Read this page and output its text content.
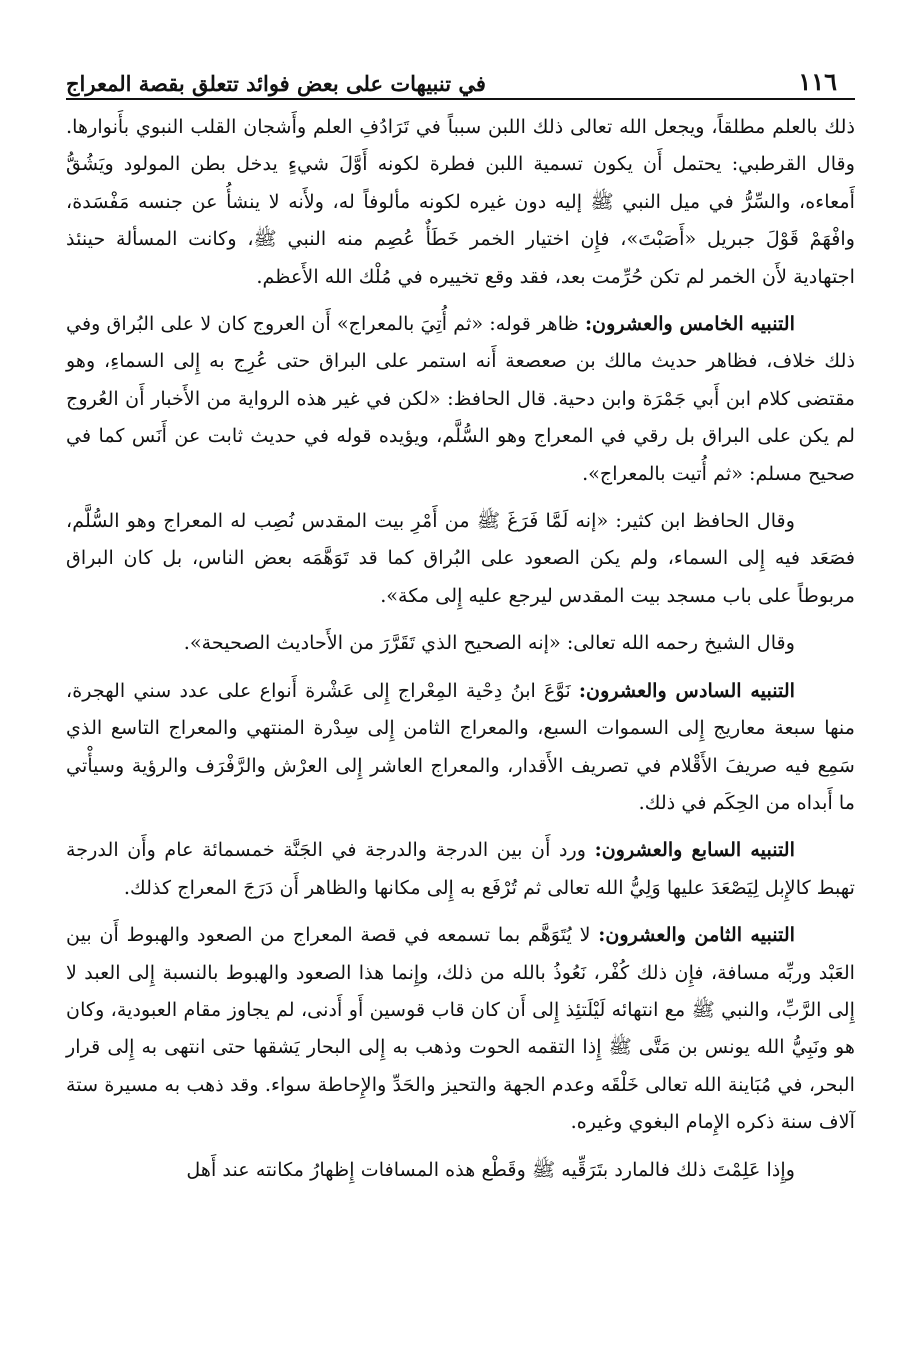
١١٦
في تنبيهات على بعض فوائد تتعلق بقصة المعراج

ذلك بالعلم مطلقاً، ويجعل الله تعالى ذلك اللبن سبباً في تَرَادُفِ العلم وأَشجان القلب النبوي بأَنوارها. وقال القرطبي: يحتمل أَن يكون تسمية اللبن فطرة لكونه أَوَّلَ شيءٍ يدخل بطن المولود ويَشُقُّ أَمعاءه، والسِّرُّ في ميل النبي ﷺ إليه دون غيره لكونه مألوفاً له، ولأَنه لا ينشأُ عن جنسه مَفْسَدة، وافْهَمْ قَوْلَ جبريل «أَصَبْتَ»، فإِن اختيار الخمر خَطَأٌ عُصِم منه النبي ﷺ، وكانت المسألة حينئذ اجتهادية لأَن الخمر لم تكن حُرِّمت بعد، فقد وقع تخييره في مُلْك الله الأَعظم.

التنبيه الخامس والعشرون: ظاهر قوله: «ثم أُتِيَ بالمعراج» أَن العروج كان لا على البُراق وفي ذلك خلاف، فظاهر حديث مالك بن صعصعة أَنه استمر على البراق حتى عُرِج به إِلى السماءِ، وهو مقتضى كلام ابن أَبي جَمْرَة وابن دحية. قال الحافظ: «لكن في غير هذه الرواية من الأَخبار أَن العُروج لم يكن على البراق بل رقي في المعراج وهو السُّلَّم، ويؤيده قوله في حديث ثابت عن أَنَس كما في صحيح مسلم: «ثم أُتيت بالمعراج».

وقال الحافظ ابن كثير: «إنه لَمَّا فَرَغَ ﷺ من أَمْرِ بيت المقدس نُصِب له المعراج وهو السُّلَّم، فصَعَد فيه إِلى السماء، ولم يكن الصعود على البُراق كما قد تَوَهَّمَه بعض الناس، بل كان البراق مربوطاً على باب مسجد بيت المقدس ليرجع عليه إِلى مكة».

وقال الشيخ رحمه الله تعالى: «إنه الصحيح الذي تَقَرَّرَ من الأَحاديث الصحيحة».

التنبيه السادس والعشرون: نَوَّعَ ابنُ دِحْية المِعْراج إِلى عَشْرة أَنواع على عدد سني الهجرة، منها سبعة معاريج إِلى السموات السبع، والمعراج الثامن إِلى سِدْرة المنتهي والمعراج التاسع الذي سَمِع فيه صريفَ الأَقْلام في تصريف الأَقدار، والمعراج العاشر إِلى العرْش والرَّفْرَف والرؤية وسيأْتي ما أَبداه من الحِكَم في ذلك.

التنبيه السابع والعشرون: ورد أَن بين الدرجة والدرجة في الجَنَّة خمسمائة عام وأَن الدرجة تهبط كالإِبل لِيَصْعَدَ عليها وَلِيُّ الله تعالى ثم تُرْفَع به إِلى مكانها والظاهر أَن دَرَجَ المعراج كذلك.

التنبيه الثامن والعشرون: لا يُتَوَهَّم بما تسمعه في قصة المعراج من الصعود والهبوط أَن بين العَبْد وربِّه مسافة، فإِن ذلك كُفْر، نَعُوذُ بالله من ذلك، وإِنما هذا الصعود والهبوط بالنسبة إِلى العبد لا إِلى الرَّبِّ، والنبي ﷺ مع انتهائه لَيْلَتئِذ إِلى أَن كان قاب قوسين أَو أَدنى، لم يجاوز مقام العبودية، وكان هو ونَبِيُّ الله يونس بن مَتَّى ﷺ إِذا التقمه الحوت وذهب به إِلى البحار يَشقها حتى انتهى به إِلى قرار البحر، في مُبَاينة الله تعالى خَلْقَه وعدم الجهة والتحيز والحَدِّ والإِحاطة سواء. وقد ذهب به مسيرة ستة آلاف سنة ذكره الإِمام البغوي وغيره.

وإِذا عَلِمْتَ ذلك فالمارد بتَرَقِّيه ﷺ وقَطْع هذه المسافات إِظهارُ مكانته عند أَهل
